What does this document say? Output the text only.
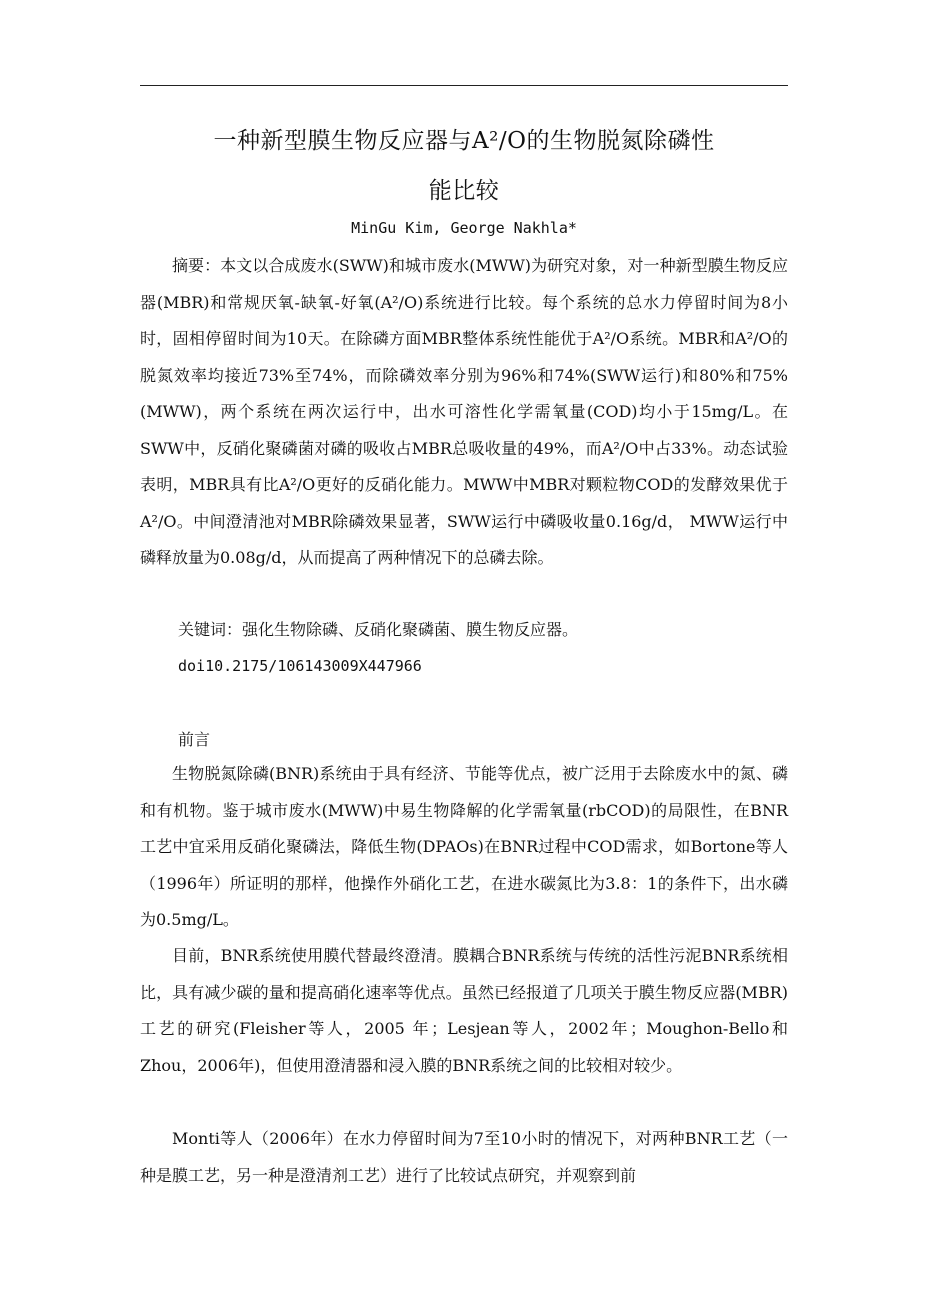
一种新型膜生物反应器与A²/O的生物脱氮除磷性
能比较
MinGu Kim, George Nakhla*

摘要：本文以合成废水(SWW)和城市废水(MWW)为研究对象，对一种新型膜生物反应器(MBR)和常规厌氧-缺氧-好氧(A²/O)系统进行比较。每个系统的总水力停留时间为8小时，固相停留时间为10天。在除磷方面MBR整体系统性能优于A²/O系统。MBR和A²/O的脱氮效率均接近73%至74%，而除磷效率分别为96%和74%(SWW运行)和80%和75%(MWW)，两个系统在两次运行中，出水可溶性化学需氧量(COD)均小于15mg/L。在SWW中，反硝化聚磷菌对磷的吸收占MBR总吸收量的49%，而A²/O中占33%。动态试验表明，MBR具有比A²/O更好的反硝化能力。MWW中MBR对颗粒物COD的发酵效果优于A²/O。中间澄清池对MBR除磷效果显著，SWW运行中磷吸收量0.16g/d， MWW运行中磷释放量为0.08g/d，从而提高了两种情况下的总磷去除。

关键词：强化生物除磷、反硝化聚磷菌、膜生物反应器。

doi10.2175/106143009X447966

前言

生物脱氮除磷(BNR)系统由于具有经济、节能等优点，被广泛用于去除废水中的氮、磷和有机物。鉴于城市废水(MWW)中易生物降解的化学需氧量(rbCOD)的局限性，在BNR工艺中宜采用反硝化聚磷法，降低生物(DPAOs)在BNR过程中COD需求，如Bortone等人（1996年）所证明的那样，他操作外硝化工艺，在进水碳氮比为3.8：1的条件下，出水磷为0.5mg/L。

目前，BNR系统使用膜代替最终澄清。膜耦合BNR系统与传统的活性污泥BNR系统相比，具有减少碳的量和提高硝化速率等优点。虽然已经报道了几项关于膜生物反应器(MBR)工艺的研究(Fleisher等人，2005 年；Lesjean等人，2002年；Moughon-Bello和Zhou，2006年)，但使用澄清器和浸入膜的BNR系统之间的比较相对较少。

Monti等人（2006年）在水力停留时间为7至10小时的情况下，对两种BNR工艺（一种是膜工艺，另一种是澄清剂工艺）进行了比较试点研究，并观察到前
